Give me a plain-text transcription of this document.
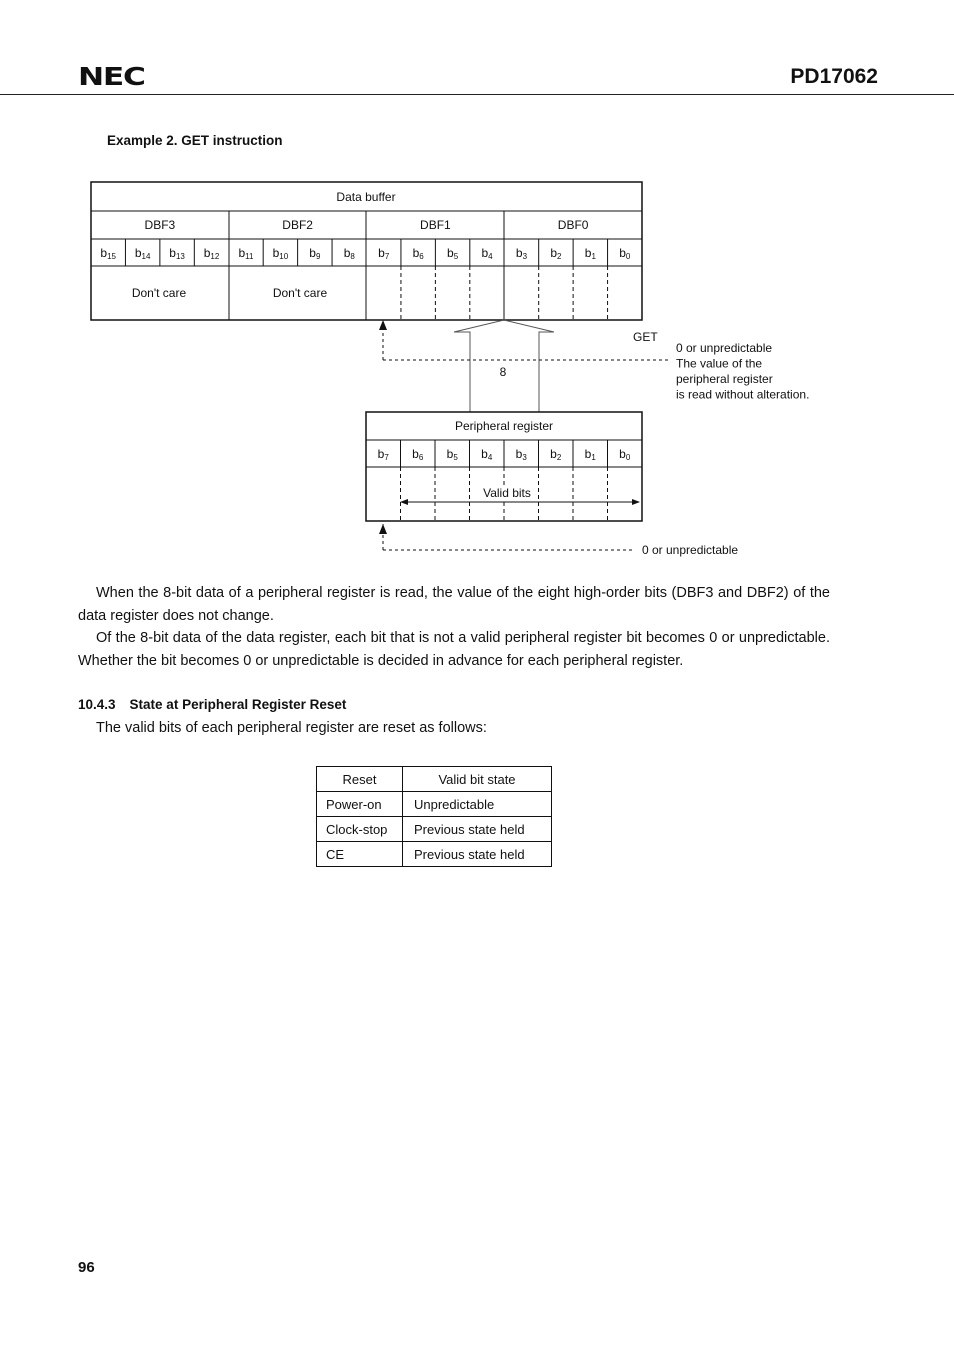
NEC	PD17062
Example 2. GET instruction
Data buffer
DBF3	DBF2	DBF1	DBF0
b15 b14 b13 b12 b11 b10 b9 b8 b7 b6 b5 b4 b3 b2 b1 b0
Don't care	Don't care
8
GET
0 or unpredictable
The value of the
peripheral register
is read without alteration.
Peripheral register
b7 b6 b5 b4 b3 b2 b1 b0
Valid bits
0 or unpredictable
When the 8-bit data of a peripheral register is read, the value of the eight high-order bits (DBF3 and DBF2) of the data register does not change.
Of the 8-bit data of the data register, each bit that is not a valid peripheral register bit becomes 0 or unpredictable. Whether the bit becomes 0 or unpredictable is decided in advance for each peripheral register.
10.4.3 State at Peripheral Register Reset
The valid bits of each peripheral register are reset as follows:
Reset	Valid bit state
Power-on	Unpredictable
Clock-stop	Previous state held
CE	Previous state held
96
